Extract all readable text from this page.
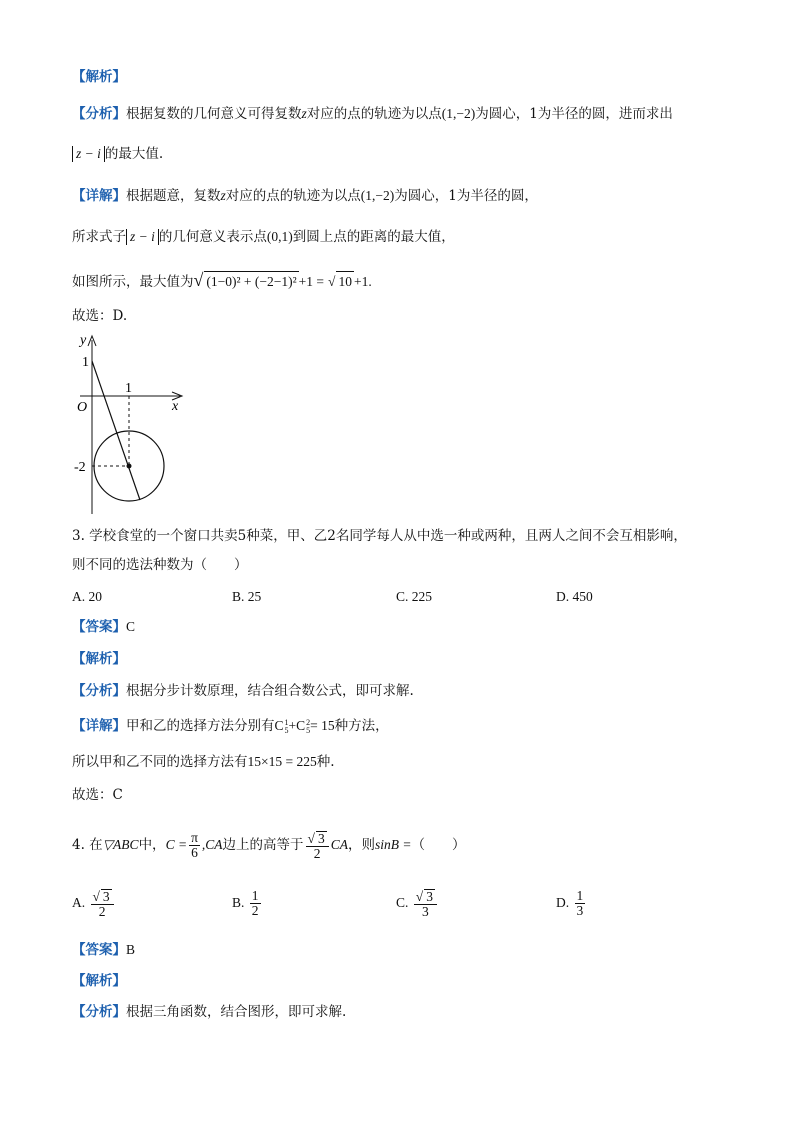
【解析】
【分析】根据复数的几何意义可得复数z对应的点的轨迹为以点(1,−2)为圆心，1为半径的圆，进而求出
z − i 的最大值.
【详解】根据题意，复数z对应的点的轨迹为以点(1,−2)为圆心，1为半径的圆，
所求式子 z − i 的几何意义表示点(0,1)到圆上点的距离的最大值，
如图所示，最大值为√ (1−0)² + (−2−1)² +1 = √ 10 +1.
故选：D.
y
x
O
1
1
-2
3. 学校食堂的一个窗口共卖5种菜，甲、乙2名同学每人从中选一种或两种，且两人之间不会互相影响，
则不同的选法种数为（　　）
A. 20	B. 25	C. 225	D. 450
【答案】C
【解析】
【分析】根据分步计数原理，结合组合数公式，即可求解.
【详解】甲和乙的选择方法分别有C 1
5 +C 2
5 = 15种方法，
所以甲和乙不同的选择方法有15×15 = 225种.
故选：C
4. 在▽ABC中，$C = \frac{\pi}{6} ,CA$边上的高等于 $\frac{√ 3}{2}$ CA，则sinB =（　　）
A. $\frac{√ 3}{2}$	B. $\frac{1}{2}$	C. $\frac{√ 3}{3}$	D. $\frac{1}{3}$
【答案】B
【解析】
【分析】根据三角函数，结合图形，即可求解.
